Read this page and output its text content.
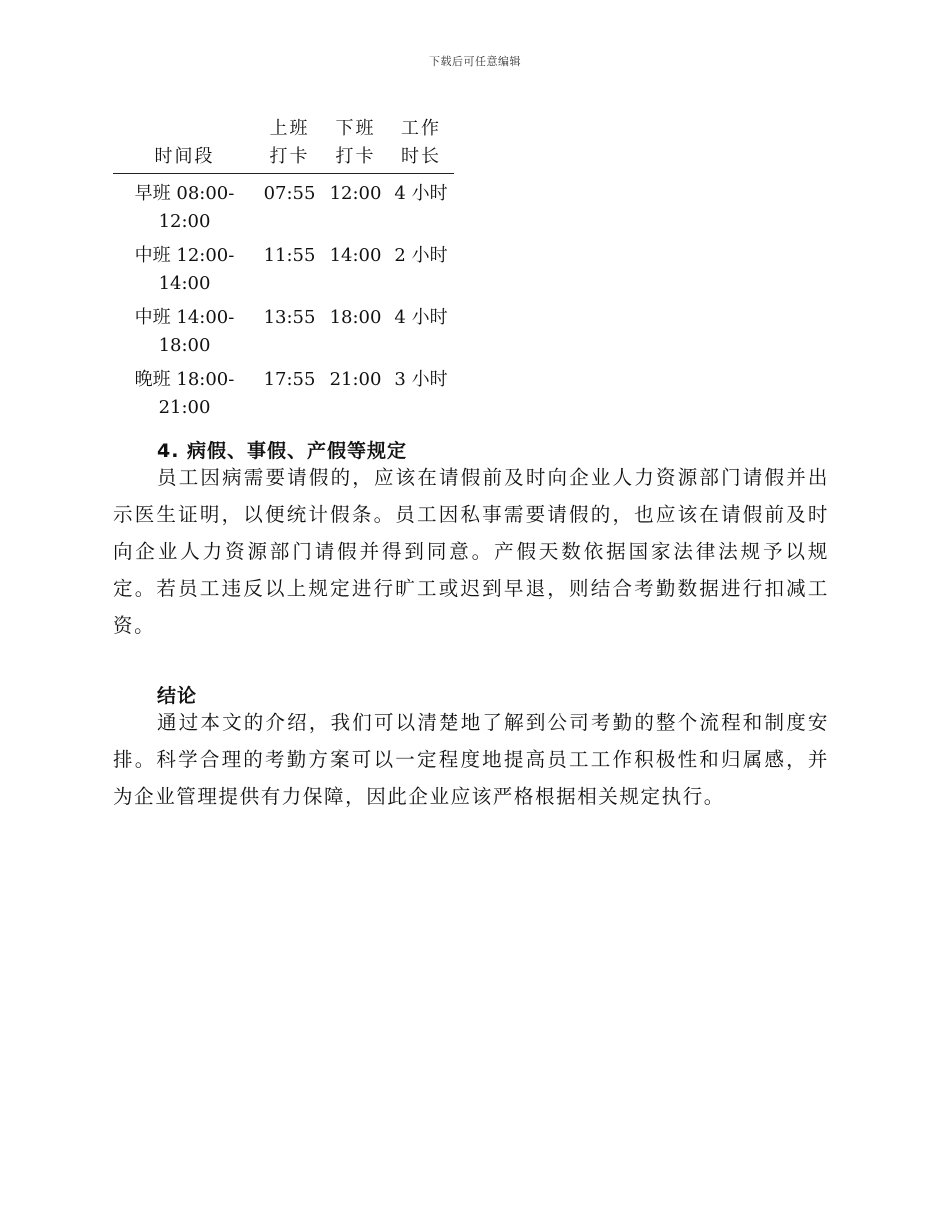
下载后可任意编辑
时间段	上班打卡	下班打卡	工作时长
早班 08:00-12:00	07:55	12:00	4 小时
中班 12:00-14:00	11:55	14:00	2 小时
中班 14:00-18:00	13:55	18:00	4 小时
晚班 18:00-21:00	17:55	21:00	3 小时
4. 病假、事假、产假等规定

员工因病需要请假的，应该在请假前及时向企业人力资源部门请假并出示医生证明，以便统计假条。员工因私事需要请假的，也应该在请假前及时向企业人力资源部门请假并得到同意。产假天数依据国家法律法规予以规定。若员工违反以上规定进行旷工或迟到早退，则结合考勤数据进行扣减工资。

结论

通过本文的介绍，我们可以清楚地了解到公司考勤的整个流程和制度安排。科学合理的考勤方案可以一定程度地提高员工工作积极性和归属感，并为企业管理提供有力保障，因此企业应该严格根据相关规定执行。
